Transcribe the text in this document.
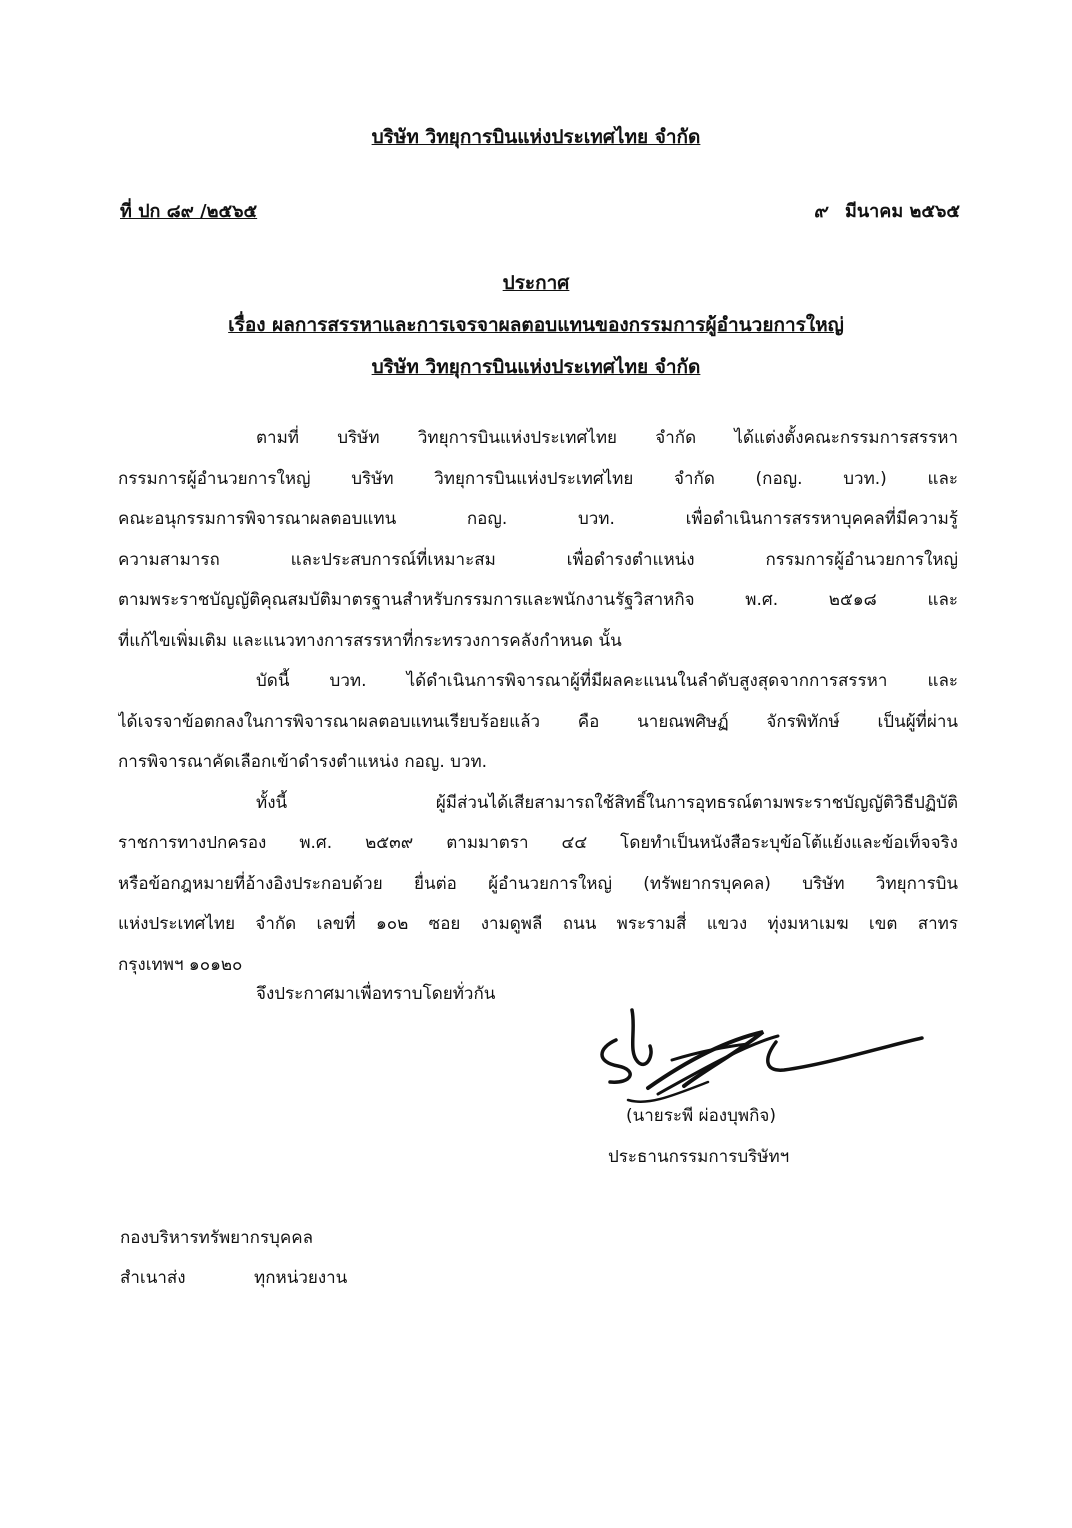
บริษัท วิทยุการบินแห่งประเทศไทย จำกัด
ที่ ปก ๘๙ /๒๕๖๕	๙ มีนาคม ๒๕๖๕
ประกาศ
เรื่อง ผลการสรรหาและการเจรจาผลตอบแทนของกรรมการผู้อำนวยการใหญ่
บริษัท วิทยุการบินแห่งประเทศไทย จำกัด
ตามที่ บริษัท วิทยุการบินแห่งประเทศไทย จำกัด ได้แต่งตั้งคณะกรรมการสรรหา
กรรมการผู้อำนวยการใหญ่ บริษัท วิทยุการบินแห่งประเทศไทย จำกัด (กอญ. บวท.) และ
คณะอนุกรรมการพิจารณาผลตอบแทน กอญ. บวท. เพื่อดำเนินการสรรหาบุคคลที่มีความรู้
ความสามารถ และประสบการณ์ที่เหมาะสม เพื่อดำรงตำแหน่ง กรรมการผู้อำนวยการใหญ่
ตามพระราชบัญญัติคุณสมบัติมาตรฐานสำหรับกรรมการและพนักงานรัฐวิสาหกิจ พ.ศ. ๒๕๑๘ และ
ที่แก้ไขเพิ่มเติม และแนวทางการสรรหาที่กระทรวงการคลังกำหนด นั้น
บัดนี้ บวท. ได้ดำเนินการพิจารณาผู้ที่มีผลคะแนนในลำดับสูงสุดจากการสรรหา และ
ได้เจรจาข้อตกลงในการพิจารณาผลตอบแทนเรียบร้อยแล้ว คือ นายณพศิษฏ์ จักรพิทักษ์ เป็นผู้ที่ผ่าน
การพิจารณาคัดเลือกเข้าดำรงตำแหน่ง กอญ. บวท.
ทั้งนี้ ผู้มีส่วนได้เสียสามารถใช้สิทธิ์ในการอุทธรณ์ตามพระราชบัญญัติวิธีปฏิบัติ
ราชการทางปกครอง พ.ศ. ๒๕๓๙ ตามมาตรา ๔๔ โดยทำเป็นหนังสือระบุข้อโต้แย้งและข้อเท็จจริง
หรือข้อกฎหมายที่อ้างอิงประกอบด้วย ยื่นต่อ ผู้อำนวยการใหญ่ (ทรัพยากรบุคคล) บริษัท วิทยุการบิน
แห่งประเทศไทย จำกัด เลขที่ ๑๐๒ ซอย งามดูพลี ถนน พระรามสี่ แขวง ทุ่งมหาเมฆ เขต สาทร
กรุงเทพฯ ๑๐๑๒๐
จึงประกาศมาเพื่อทราบโดยทั่วกัน
(นายระพี ผ่องบุพกิจ)
ประธานกรรมการบริษัทฯ
กองบริหารทรัพยากรบุคคล
สำเนาส่ง	ทุกหน่วยงาน
